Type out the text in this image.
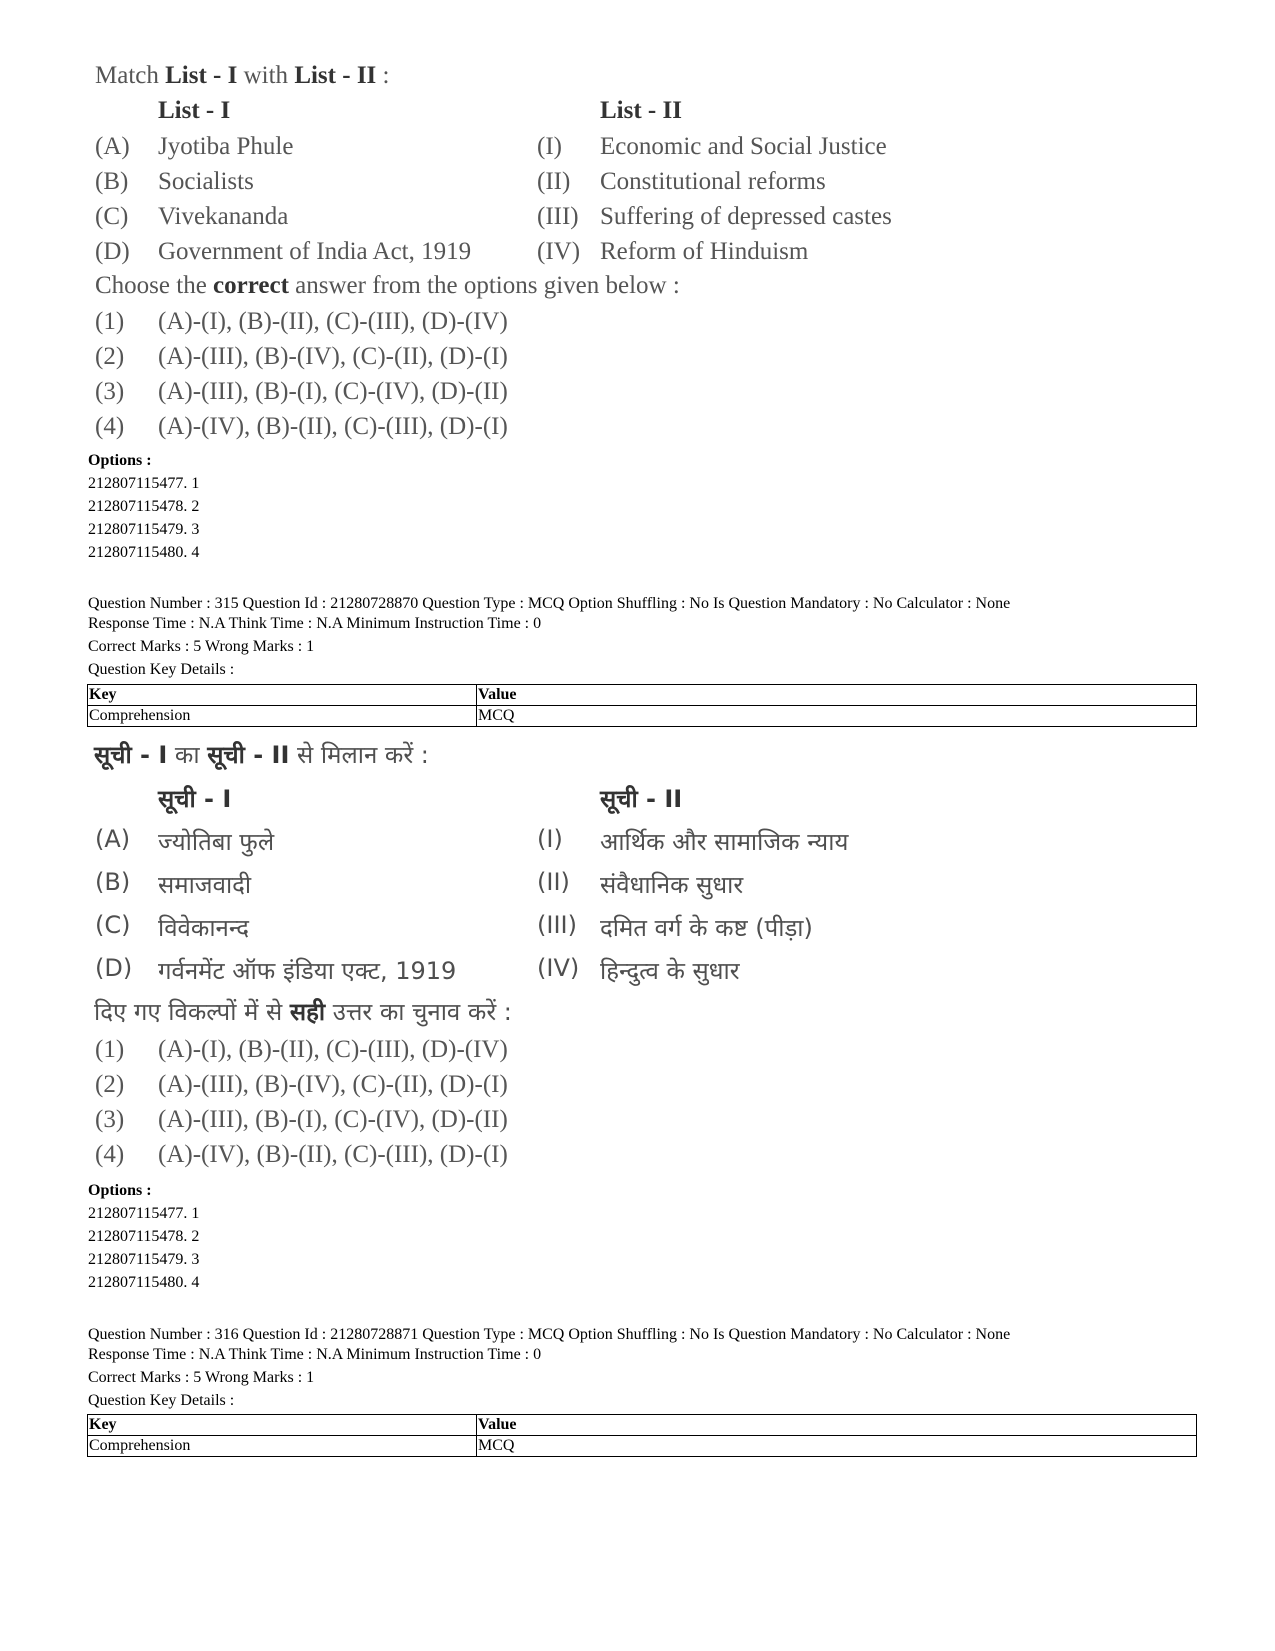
Match List - I with List - II :
List - I	List - II
(A) Jyotiba Phule	(I) Economic and Social Justice
(B) Socialists	(II) Constitutional reforms
(C) Vivekananda	(III) Suffering of depressed castes
(D) Government of India Act, 1919	(IV) Reform of Hinduism
Choose the correct answer from the options given below :
(1) (A)-(I), (B)-(II), (C)-(III), (D)-(IV)
(2) (A)-(III), (B)-(IV), (C)-(II), (D)-(I)
(3) (A)-(III), (B)-(I), (C)-(IV), (D)-(II)
(4) (A)-(IV), (B)-(II), (C)-(III), (D)-(I)
Options :
212807115477. 1
212807115478. 2
212807115479. 3
212807115480. 4
Question Number : 315 Question Id : 21280728870 Question Type : MCQ Option Shuffling : No Is Question Mandatory : No Calculator : None
Response Time : N.A Think Time : N.A Minimum Instruction Time : 0
Correct Marks : 5 Wrong Marks : 1
Question Key Details :
Key	Value
Comprehension	MCQ
सूची - I का सूची - II से मिलान करें :
सूची - I	सूची - II
(A) ज्योतिबा फुले	(I) आर्थिक और सामाजिक न्याय
(B) समाजवादी	(II) संवैधानिक सुधार
(C) विवेकानन्द	(III) दमित वर्ग के कष्ट (पीड़ा)
(D) गर्वनमेंट ऑफ इंडिया एक्ट, 1919	(IV) हिन्दुत्व के सुधार
दिए गए विकल्पों में से सही उत्तर का चुनाव करें :
(1) (A)-(I), (B)-(II), (C)-(III), (D)-(IV)
(2) (A)-(III), (B)-(IV), (C)-(II), (D)-(I)
(3) (A)-(III), (B)-(I), (C)-(IV), (D)-(II)
(4) (A)-(IV), (B)-(II), (C)-(III), (D)-(I)
Options :
212807115477. 1
212807115478. 2
212807115479. 3
212807115480. 4
Question Number : 316 Question Id : 21280728871 Question Type : MCQ Option Shuffling : No Is Question Mandatory : No Calculator : None
Response Time : N.A Think Time : N.A Minimum Instruction Time : 0
Correct Marks : 5 Wrong Marks : 1
Question Key Details :
Key	Value
Comprehension	MCQ
